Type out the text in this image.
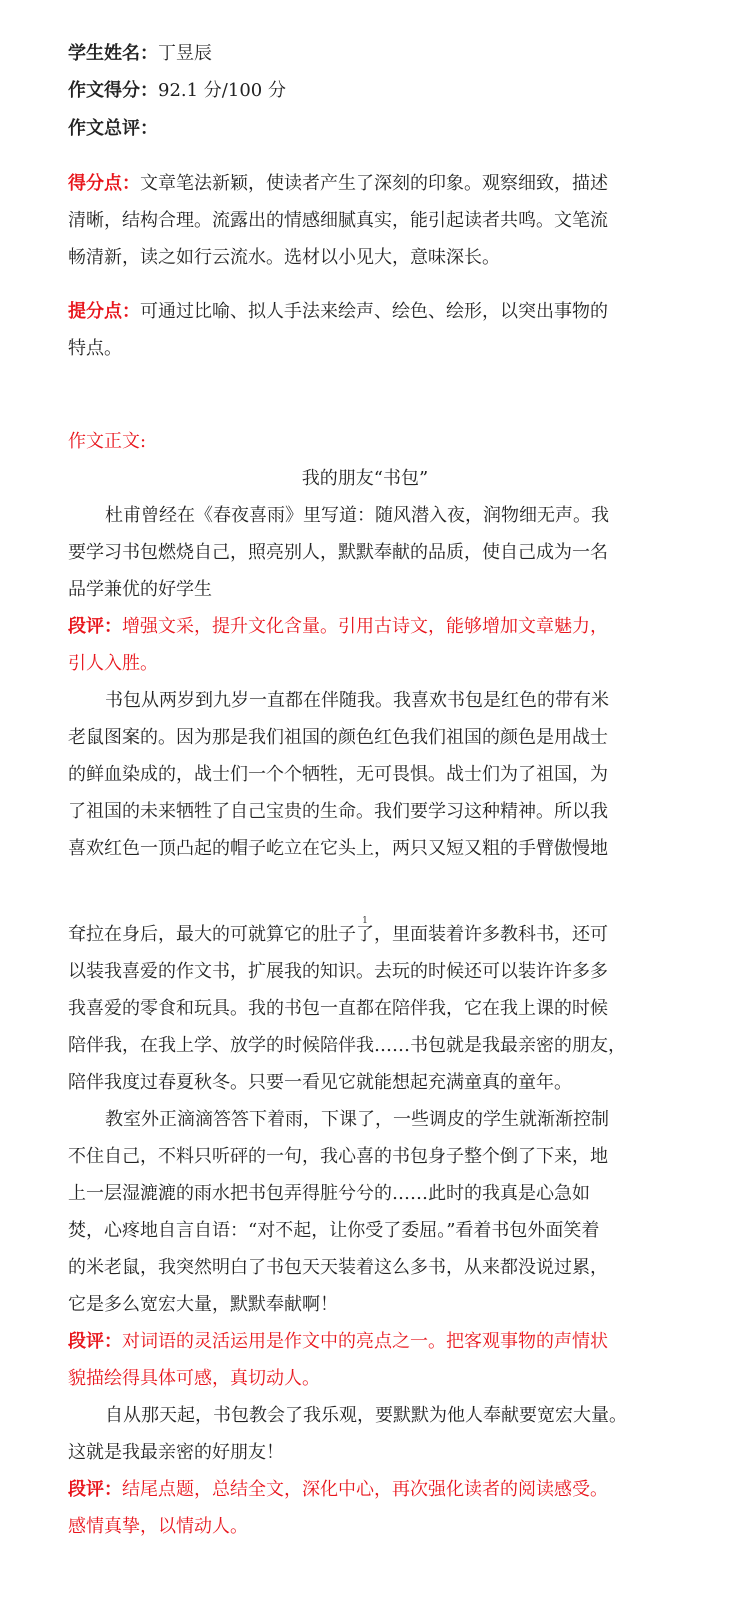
学生姓名：丁昱辰
作文得分：92.1 分/100 分
作文总评：
得分点：文章笔法新颖，使读者产生了深刻的印象。观察细致，描述
清晰，结构合理。流露出的情感细腻真实，能引起读者共鸣。文笔流
畅清新，读之如行云流水。选材以小见大，意味深长。
提分点：可通过比喻、拟人手法来绘声、绘色、绘形，以突出事物的
特点。
作文正文:
我的朋友“书包”
杜甫曾经在《春夜喜雨》里写道：随风潜入夜，润物细无声。我
要学习书包燃烧自己，照亮别人，默默奉献的品质，使自己成为一名
品学兼优的好学生
段评：增强文采，提升文化含量。引用古诗文，能够增加文章魅力，
引人入胜。
书包从两岁到九岁一直都在伴随我。我喜欢书包是红色的带有米
老鼠图案的。因为那是我们祖国的颜色红色我们祖国的颜色是用战士
的鲜血染成的，战士们一个个牺牲，无可畏惧。战士们为了祖国，为
了祖国的未来牺牲了自己宝贵的生命。我们要学习这种精神。所以我
喜欢红色一顶凸起的帽子屹立在它头上，两只又短又粗的手臂傲慢地
1
耷拉在身后，最大的可就算它的肚子了，里面装着许多教科书，还可
以装我喜爱的作文书，扩展我的知识。去玩的时候还可以装许许多多
我喜爱的零食和玩具。我的书包一直都在陪伴我，它在我上课的时候
陪伴我，在我上学、放学的时候陪伴我……书包就是我最亲密的朋友，
陪伴我度过春夏秋冬。只要一看见它就能想起充满童真的童年。
教室外正滴滴答答下着雨，下课了，一些调皮的学生就渐渐控制
不住自己，不料只听砰的一句，我心喜的书包身子整个倒了下来，地
上一层湿漉漉的雨水把书包弄得脏兮兮的……此时的我真是心急如
焚，心疼地自言自语：“对不起，让你受了委屈。”看着书包外面笑着
的米老鼠，我突然明白了书包天天装着这么多书，从来都没说过累，
它是多么宽宏大量，默默奉献啊！
段评：对词语的灵活运用是作文中的亮点之一。把客观事物的声情状
貌描绘得具体可感，真切动人。
自从那天起，书包教会了我乐观，要默默为他人奉献要宽宏大量。
这就是我最亲密的好朋友！
段评：结尾点题，总结全文，深化中心，再次强化读者的阅读感受。
感情真挚，以情动人。
